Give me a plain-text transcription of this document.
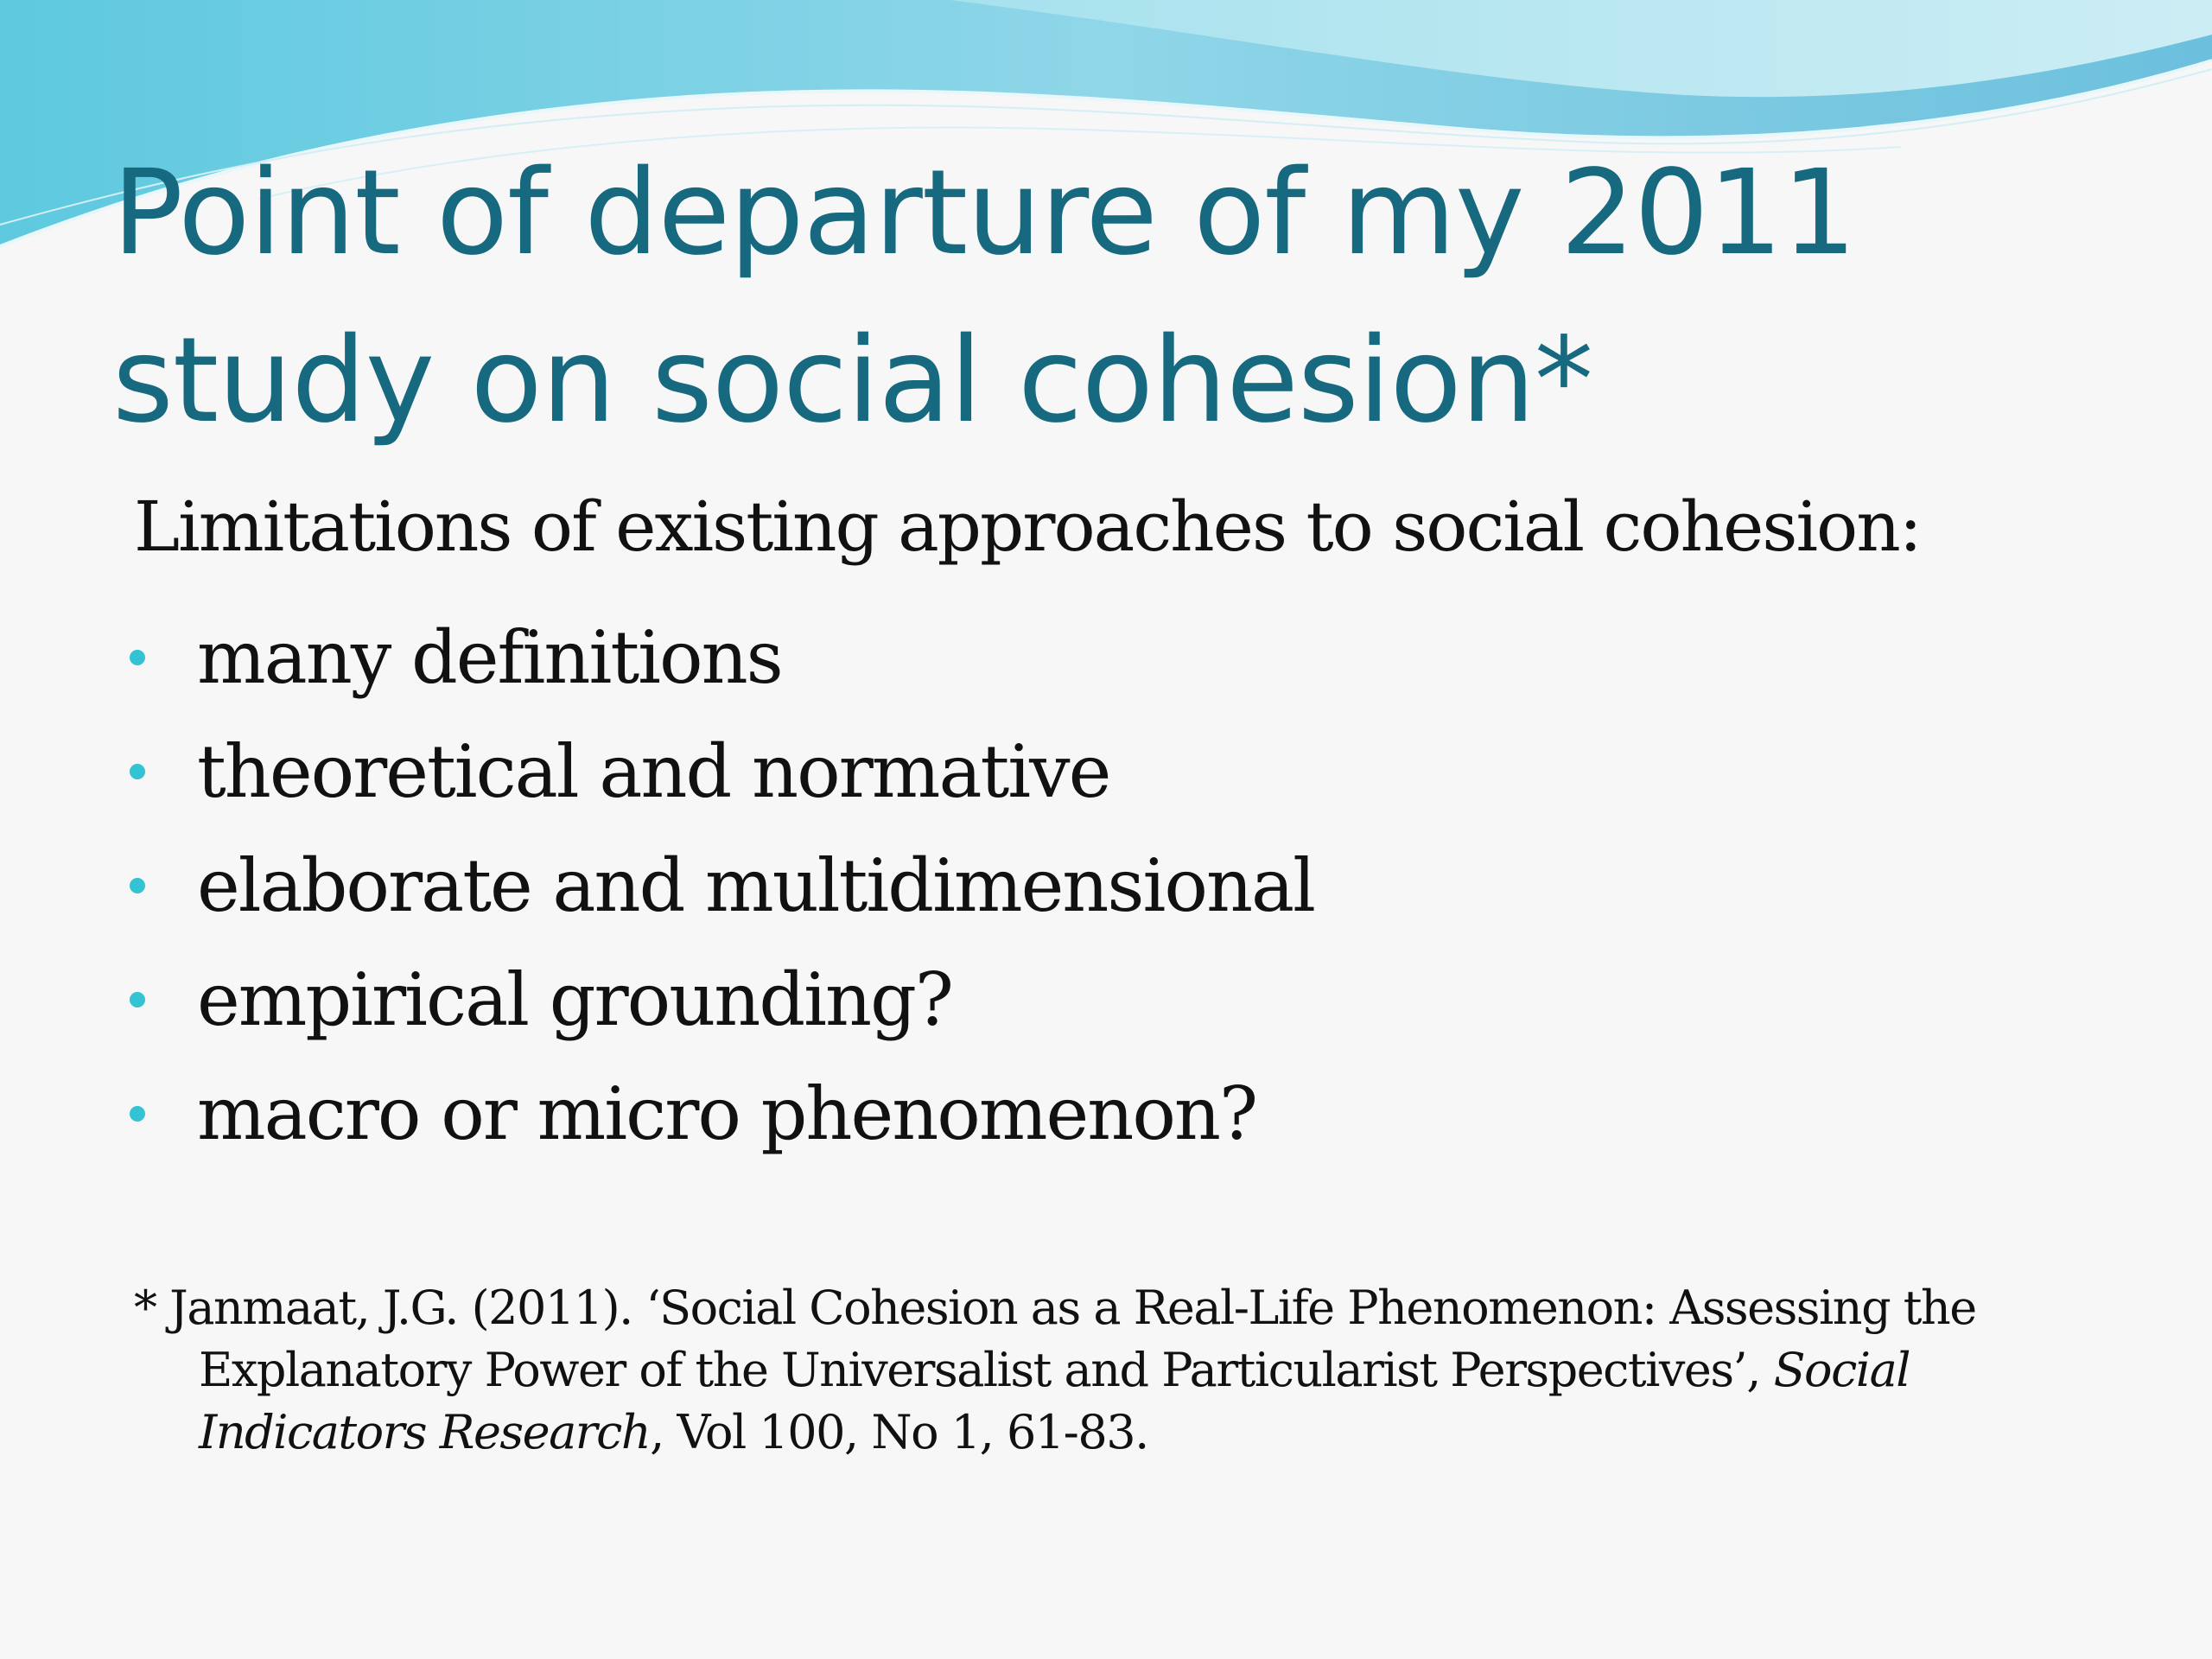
Point of departure of my 2011
study on social cohesion*

Limitations of existing approaches to social cohesion:

many definitions
theoretical and normative
elaborate and multidimensional
empirical grounding?
macro or micro phenomenon?

* Janmaat, J.G. (2011). ‘Social Cohesion as a Real-Life Phenomenon: Assessing the
Explanatory Power of the Universalist and Particularist Perspectives’, Social
Indicators Research, Vol 100, No 1, 61-83.
